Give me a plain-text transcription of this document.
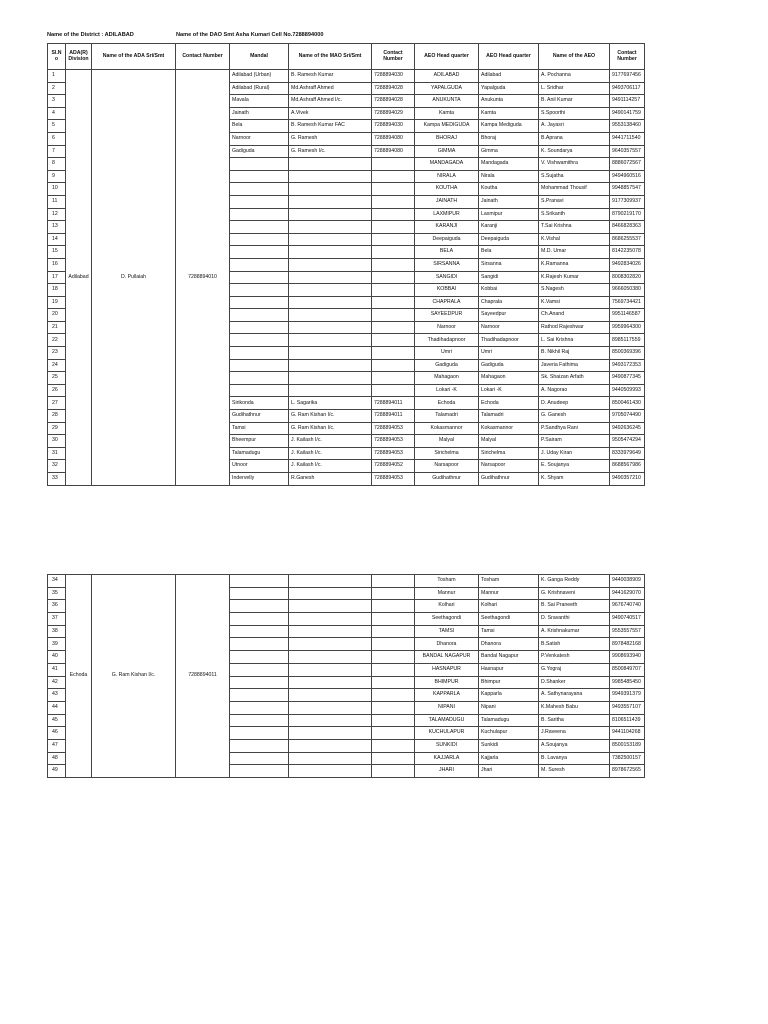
Name of the District : ADILABAD	Name of the DAO Smt Asha Kumari Cell No.7288894000
Sl.N o	ADA(R) Division	Name of the ADA Sri/Smt	Contact Number	Mandal	Name of the MAO Sri/Smt	Contact Number	AEO Head quarter	AEO Head quarter	Name of the AEO	Contact Number
1	Adilabad	D. Pullaiah	7288894010	Adilabad (Urban)	B. Ramesh Kumar	7288894030	ADILABAD	Adilabad	A. Pochanna	9177697456
2				Adilabad (Rural)	Md.Ashraff Ahmed	7288894028	YAPALGUDA	Yapalguda	L. Sridhar	9493706117
3				Mavala	Md.Ashraff Ahmed I/c.	7288894028	ANUKUNTA	Anukunta	B. Anil Kumar	9491114257
4				Jainath	A.Vivek	7288894029	Kamta	Kamta	S.Spoorthi	9490141759
5				Bela	B. Ramesh Kumar FAC	7288894030	Kampa MEDIGUDA	Kampa Mediguda	A. Jayasri	9553138460
6				Narnoor	G. Ramesh	7288894080	BHORAJ	Bhoraj	B.Aprana	9441711540
7				Gadiguda	G. Ramesh I/c.	7288894080	GIMMA	Gimma	K. Soundarya	9640357557
8							MANDAGADA	Mandagada	V. Vishwamithra	8886072567
9							NIRALA	Nirala	S.Sujatha	9494960516
10							KOUTHA	Koutha	Mohammad Thousif	9948857547
11							JAINATH	Jainath	S.Pranavi	9177309937
12							LAXMIPUR	Laxmipur	S.Srikanth	8790219170
13							KARANJI	Karanji	T.Sai Krishna	8466828363
14							Deepaiguda	Deepaiguda	K.Vishal	8686255537
15							BELA	Bela	M.D. Umar	8142235078
16							SIRSANNA	Sirsanna	K.Ramanna	9492834026
17							SANGIDI	Sangidi	K.Rajesh Kumar	8008302820
18							KOBBAI	Kobbai	S.Nagesh	9666050380
19							CHAPRALA	Chaprala	K.Vamsi	7569734421
20							SAYEEDPUR	Sayeedpur	Ch.Anand	9951146587
21							Narnoor	Narnoor	Rathod Rajeshwar	9959964300
22							Thadihadapnoor	Thadihadapnoor	L. Sai Krishna	8985117559
23							Umri	Umri	B. Nikhil Raj	8500369396
24							Gadiguda	Gadiguda	Javeria Fathima	9493172353
25							Mahagaon	Mahagaon	Sk. Shaizan Arfath	9490877345
26							Lokari -K	Lokari -K	A. Nagorao	9440509993
27				Sirikonda	L. Sagarika	7288894011	Echoda	Echoda	D. Anudeep	8500461430
28				Gudihathnur	G. Ram Kishan I/c.	7288894011	Talamadri	Talamadri	G. Ganesh	9705074490
29				Tamsi	G. Ram Kishan I/c.	7288894053	Kokasmannor	Kokasmannor	P.Sandhya Rani	9492636245
30				Bheempur	J. Kailash I/c.	7288894053	Malyal	Malyal	P.Sairam	9505474294
31				Talamadugu	J. Kailash I/c.	7288894053	Sirichelma	Sirichelma	J. Uday Kiran	8333979649
32				Utnoor	J. Kailash I/c.	7288894052	Narsapoor	Narsapoor	E. Soujanya	8688567986
33				Indervelly	R.Ganesh	7288894053	Gudihathnur	Gudihathnur	K. Shyam	9490357210
34	Echoda	G. Ram Kishan I/c.	7288894011				Tosham	Tosham	K. Ganga Reddy	9440038909
35							Mannur	Mannur	G. Krishnaveni	9441629070
36							Kolhari	Kolhari	B. Sai Praneeth	9676740740
37							Seethagondi	Seethagondi	D. Sravanthi	9490740517
38							TAMSI	Tamsi	A. Krishnakumar	9553557557
39							Dhanora	Dhanora	B.Satish	8978482168
40							BANDAL NAGAPUR	Bandal Nagapur	P.Venkatesh	9908693940
41							HASNAPUR	Hasnapur	G.Yograj	8500849707
42							BHIMPUR	Bhimpur	D.Shanker	9985485450
43							KAPPARLA	Kapparla	A. Sathynarayana	9949391379
44							NIPANI	Nipani	K.Mahesh Babu	9493557107
45							TALAMADUGU	Talamadugu	B. Saritha	8106511439
46							KUCHULAPUR	Kuchulapur	J.Raveena	9441104268
47							SUNKIDI	Sunkidi	A.Soujanya	8500153189
48							KAJJARLA	Kajjarla	B. Lavanya	7382500157
49							JHARI	Jhari	M. Suresh	8978672565
